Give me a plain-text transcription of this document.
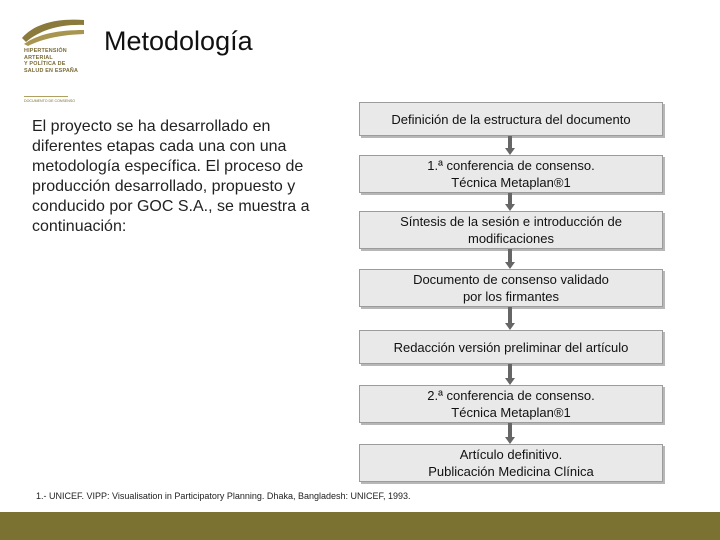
HIPERTENSIÓN
ARTERIAL
Y POLÍTICA DE
SALUD EN ESPAÑA
DOCUMENTO DE CONSENSO
Metodología
El proyecto se ha desarrollado en diferentes etapas cada una con una metodología específica. El proceso de producción desarrollado, propuesto y conducido por GOC S.A., se muestra a continuación:
Definición de la estructura del documento
1.ª conferencia de consenso.
Técnica Metaplan®1
Síntesis de la sesión e introducción de modificaciones
Documento de consenso validado
por los firmantes
Redacción versión preliminar del artículo
2.ª conferencia de consenso.
Técnica Metaplan®1
Artículo definitivo.
Publicación Medicina Clínica
1.- UNICEF. VIPP: Visualisation in Participatory Planning. Dhaka, Bangladesh: UNICEF, 1993.
